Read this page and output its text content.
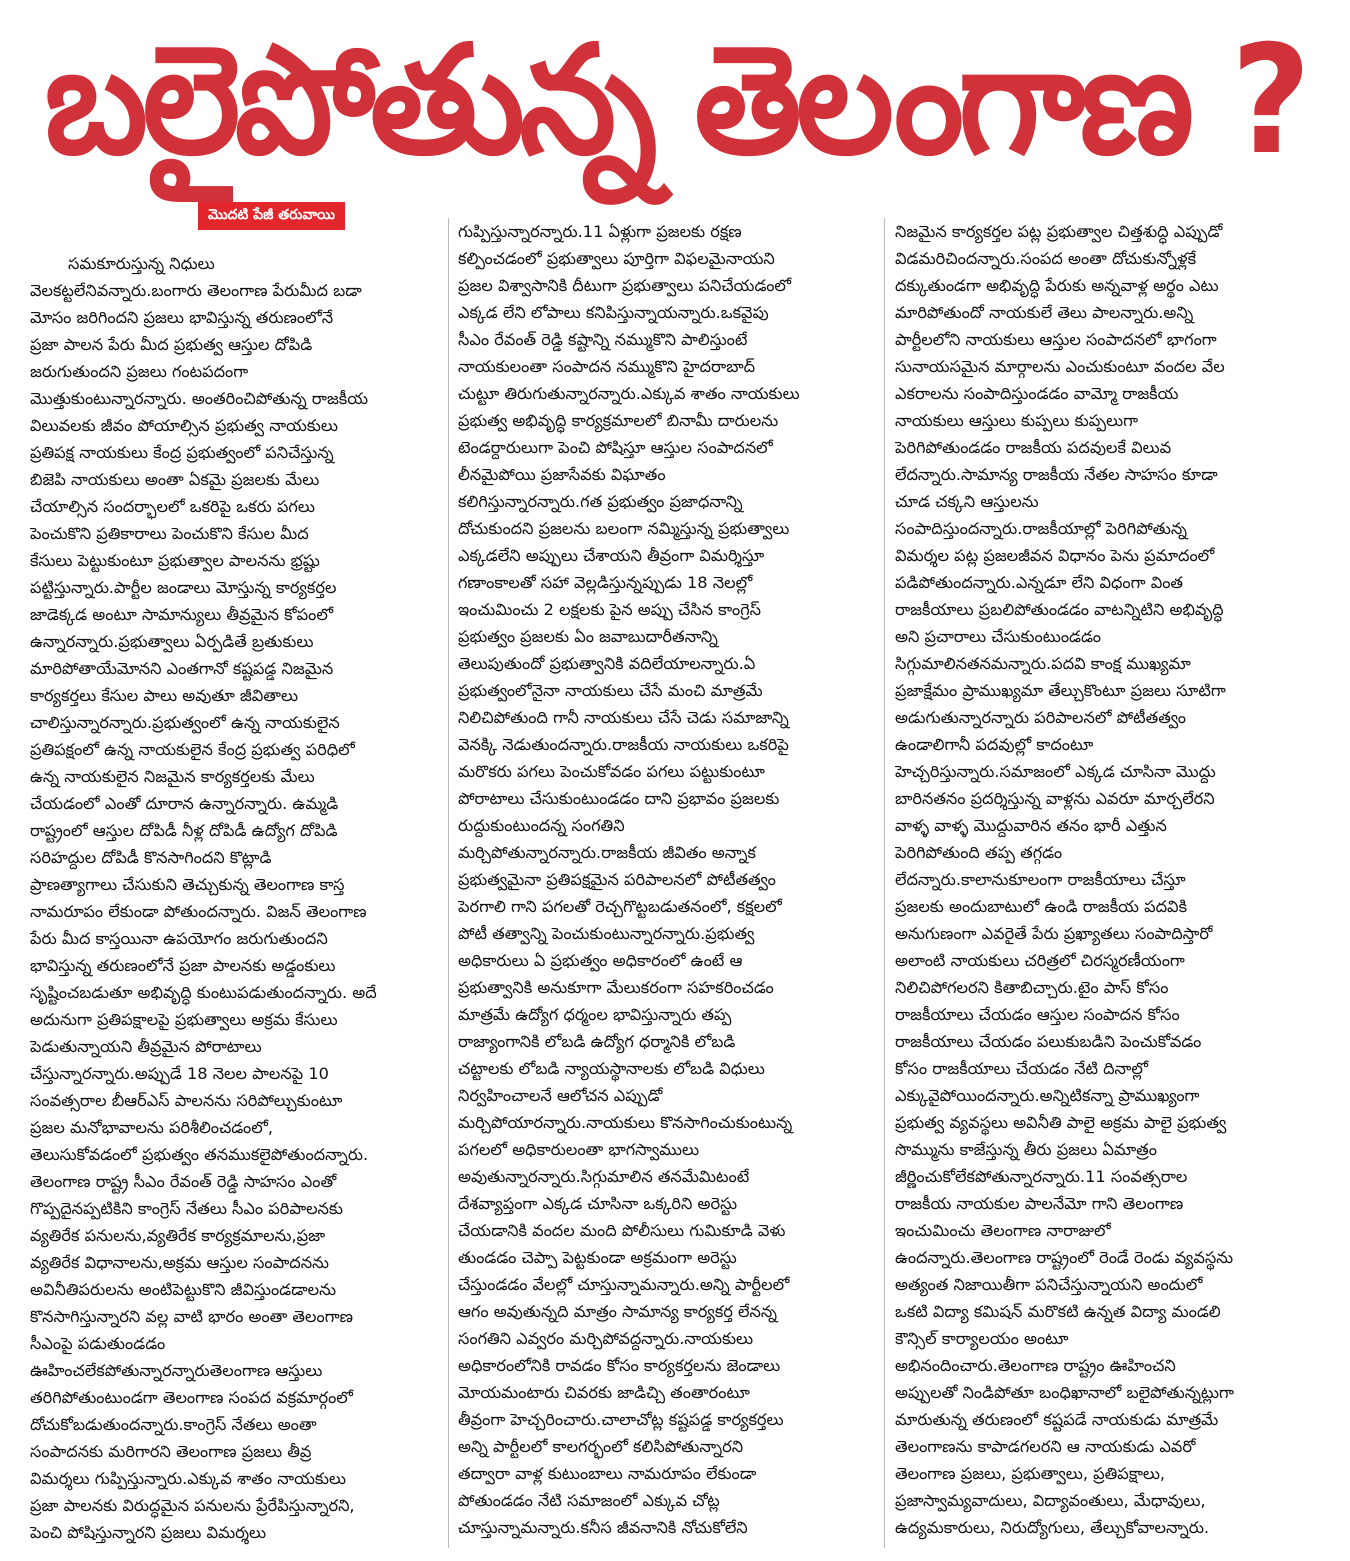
బలైపోతున్న తెలంగాణ ?
మొదటి పేజీ తరువాయి

సమకూరుస్తున్న నిధులు

వెలకట్టలేనివన్నారు.బంగారు తెలంగాణ పేరుమీద బడా

మోసం జరిగిందని ప్రజలు భావిస్తున్న తరుణంలోనే

ప్రజా పాలన పేరు మీద ప్రభుత్వ ఆస్తుల దోపిడి

జరుగుతుందని ప్రజలు గంటపదంగా

మొత్తుకుంటున్నారన్నారు. అంతరించిపోతున్న రాజకీయ

విలువలకు జీవం పోయాల్సిన ప్రభుత్వ నాయకులు

ప్రతిపక్ష నాయకులు కేంద్ర ప్రభుత్వంలో పనిచేస్తున్న

బిజెపి నాయకులు అంతా ఏకమై ప్రజలకు మేలు

చేయాల్సిన సందర్భాలలో ఒకరిపై ఒకరు పగలు

పెంచుకొని ప్రతికారాలు పెంచుకొని కేసుల మీద

కేసులు పెట్టుకుంటూ ప్రభుత్వాల పాలనను భ్రష్టు

పట్టిస్తున్నారు.పార్టీల జండాలు మోస్తున్న కార్యకర్తల

జాడెక్కడ అంటూ సామాన్యులు తీవ్రమైన కోపంలో

ఉన్నారన్నారు.ప్రభుత్వాలు ఏర్పడితే బ్రతుకులు

మారిపోతాయేమోనని ఎంతగానో కష్టపడ్డ నిజమైన

కార్యకర్తలు కేసుల పాలు అవుతూ జీవితాలు

చాలిస్తున్నారన్నారు.ప్రభుత్వంలో ఉన్న నాయకులైన

ప్రతిపక్షంలో ఉన్న నాయకులైన కేంద్ర ప్రభుత్వ పరిధిలో

ఉన్న నాయకులైన నిజమైన కార్యకర్తలకు మేలు

చేయడంలో ఎంతో దూరాన ఉన్నారన్నారు. ఉమ్మడి

రాష్ట్రంలో ఆస్తుల దోపిడీ నీళ్ల దోపిడీ ఉద్యోగ దోపిడి

సరిహద్దుల దోపిడీ కొనసాగిందని కొట్లాడి

ప్రాణత్యాగాలు చేసుకుని తెచ్చుకున్న తెలంగాణ కాస్త

నామరూపం లేకుండా పోతుందన్నారు. విజన్ తెలంగాణ

పేరు మీద కాస్తయినా ఉపయోగం జరుగుతుందని

భావిస్తున్న తరుణంలోనే ప్రజా పాలనకు అడ్డంకులు

సృష్టించబడుతూ అభివృద్ధి కుంటుపడుతుందన్నారు. అదే

అదునుగా ప్రతిపక్షాలపై ప్రభుత్వాలు అక్రమ కేసులు

పెడుతున్నాయని తీవ్రమైన పోరాటాలు

చేస్తున్నారన్నారు.అప్పుడే 18 నెలల పాలనపై 10

సంవత్సరాల బీఆర్ఎస్ పాలనను సరిపోల్చుకుంటూ

ప్రజల మనోభావాలను పరిశీలించడంలో,

తెలుసుకోవడంలో ప్రభుత్వం తనముకలైపోతుందన్నారు.

తెలంగాణ రాష్ట్ర సీఎం రేవంత్ రెడ్డి సాహసం ఎంతో

గొప్పదైనప్పటికిని కాంగ్రెస్ నేతలు సీఎం పరిపాలనకు

వ్యతిరేక పనులను,వ్యతిరేక కార్యక్రమాలను,ప్రజా

వ్యతిరేక విధానాలను,అక్రమ ఆస్తుల సంపాదనను

అవినీతిపరులను అంటిపెట్టుకొని జీవిస్తుండడాలను

కొనసాగిస్తున్నారని వల్ల వాటి భారం అంతా తెలంగాణ

సీఎంపై పడుతుండడం

ఊహించలేకపోతున్నారన్నారుతెలంగాణ ఆస్తులు

తరిగిపోతుంటుండగా తెలంగాణ సంపద వక్రమార్గంలో

దోచుకోబడుతుందన్నారు.కాంగ్రెస్ నేతలు అంతా

సంపాదనకు మరిగారని తెలంగాణ ప్రజలు తీవ్ర

విమర్శలు గుప్పిస్తున్నారు.ఎక్కువ శాతం నాయకులు

ప్రజా పాలనకు విరుద్ధమైన పనులను ప్రేరేపిస్తున్నారని,

పెంచి పోషిస్తున్నారని ప్రజలు విమర్శలు

గుప్పిస్తున్నారన్నారు.11 ఏళ్లుగా ప్రజలకు రక్షణ

కల్పించడంలో ప్రభుత్వాలు పూర్తిగా విఫలమైనాయని

ప్రజల విశ్వాసానికి దీటుగా ప్రభుత్వాలు పనిచేయడంలో

ఎక్కడ లేని లోపాలు కనిపిస్తున్నాయన్నారు.ఒకవైపు

సీఎం రేవంత్ రెడ్డి కష్టాన్ని నమ్ముకొని పాలిస్తుంటే

నాయకులంతా సంపాదన నమ్ముకొని హైదరాబాద్

చుట్టూ తిరుగుతున్నారన్నారు.ఎక్కువ శాతం నాయకులు

ప్రభుత్వ అభివృద్ధి కార్యక్రమాలలో బినామీ దారులను

టెండర్దారులుగా పెంచి పోషిస్తూ ఆస్తుల సంపాదనలో

లీనమైపోయి ప్రజాసేవకు విఘాతం

కలిగిస్తున్నారన్నారు.గత ప్రభుత్వం ప్రజాధనాన్ని

దోచుకుందని ప్రజలను బలంగా నమ్మిస్తున్న ప్రభుత్వాలు

ఎక్కడలేని అప్పులు చేశాయని తీవ్రంగా విమర్శిస్తూ

గణాంకాలతో సహా వెల్లడిస్తున్నప్పుడు 18 నెలల్లో

ఇంచుమించు 2 లక్షలకు పైన అప్పు చేసిన కాంగ్రెస్

ప్రభుత్వం ప్రజలకు ఏం జవాబుదారీతనాన్ని

తెలుపుతుందో ప్రభుత్వానికి వదిలేయాలన్నారు.ఏ

ప్రభుత్వంలోనైనా నాయకులు చేసే మంచి మాత్రమే

నిలిచిపోతుంది గానీ నాయకులు చేసే చెడు సమాజాన్ని

వెనక్కి నెడుతుందన్నారు.రాజకీయ నాయకులు ఒకరిపై

మరొకరు పగలు పెంచుకోవడం పగలు పట్టుకుంటూ

పోరాటాలు చేసుకుంటుండడం దాని ప్రభావం ప్రజలకు

రుద్దుకుంటుందన్న సంగతిని

మర్చిపోతున్నారన్నారు.రాజకీయ జీవితం అన్నాక

ప్రభుత్వమైనా ప్రతిపక్షమైన పరిపాలనలో పోటీతత్వం

పెరగాలి గాని పగలతో రెచ్చగొట్టబడుతనంలో, కక్షలలో

పోటీ తత్వాన్ని పెంచుకుంటున్నారన్నారు.ప్రభుత్వ

అధికారులు ఏ ప్రభుత్వం అధికారంలో ఉంటే ఆ

ప్రభుత్వానికి అనుకూగా మేలుకరంగా సహకరించడం

మాత్రమే ఉద్యోగ ధర్మంల భావిస్తున్నారు తప్ప

రాజ్యాంగానికి లోబడి ఉద్యోగ ధర్మానికి లోబడి

చట్టాలకు లోబడి న్యాయస్థానాలకు లోబడి విధులు

నిర్వహించాలనే ఆలోచన ఎప్పుడో

మర్చిపోయారన్నారు.నాయకులు కొనసాగించుకుంటున్న

పగలలో అధికారులంతా భాగస్వాములు

అవుతున్నారన్నారు.సిగ్గుమాలిన తనమేమిటంటే

దేశవ్యాప్తంగా ఎక్కడ చూసినా ఒక్కరిని అరెస్టు

చేయడానికి వందల మంది పోలీసులు గుమికూడి వెళు

తుండడం చెప్పా పెట్టకుండా అక్రమంగా అరెస్టు

చేస్తుండడం వేలల్లో చూస్తున్నామన్నారు.అన్ని పార్టీలలో

ఆగం అవుతున్నది మాత్రం సామాన్య కార్యకర్త లేనన్న

సంగతిని ఎవ్వరం మర్చిపోవద్దన్నారు.నాయకులు

అధికారంలోనికి రావడం కోసం కార్యకర్తలను జెండాలు

మోయమంటారు చివరకు జాడిచ్చి తంతారంటూ

తీవ్రంగా హెచ్చరించారు.చాలాచోట్ల కష్టపడ్డ కార్యకర్తలు

అన్ని పార్టీలలో కాలగర్భంలో కలిసిపోతున్నారని

తద్వారా వాళ్ల కుటుంబాలు నామరూపం లేకుండా

పోతుండడం నేటి సమాజంలో ఎక్కువ చోట్ల

చూస్తున్నామన్నారు.కనీస జీవనానికి నోచుకోలేని

నిజమైన కార్యకర్తల పట్ల ప్రభుత్వాల చిత్తశుద్ధి ఎప్పుడో

విడమరిచిందన్నారు.సంపద అంతా దోచుకున్నోళ్లకే

దక్కుతుండగా అభివృద్ధి పేరుకు అన్నవాళ్ల అర్థం ఎటు

మారిపోతుందో నాయకులే తెలు పాలన్నారు.అన్ని

పార్టీలలోని నాయకులు ఆస్తుల సంపాదనలో భాగంగా

సునాయసమైన మార్గాలను ఎంచుకుంటూ వందల వేల

ఎకరాలను సంపాదిస్తుండడం వామ్మో రాజకీయ

నాయకులు ఆస్తులు కుప్పలు కుప్పలుగా

పెరిగిపోతుండడం రాజకీయ పదవులకే విలువ

లేదన్నారు.సామాన్య రాజకీయ నేతల సాహసం కూడా

చూడ చక్కని ఆస్తులను

సంపాదిస్తుందన్నారు.రాజకీయాల్లో పెరిగిపోతున్న

విమర్శల పట్ల ప్రజలజీవన విధానం పెను ప్రమాదంలో

పడిపోతుందన్నారు.ఎన్నడూ లేని విధంగా వింత

రాజకీయాలు ప్రబలిపోతుండడం వాటన్నిటిని అభివృద్ధి

అని ప్రచారాలు చేసుకుంటుండడం

సిగ్గుమాలినతనమన్నారు.పదవి కాంక్ష ముఖ్యమా

ప్రజాక్షేమం ప్రాముఖ్యమా తేల్చుకొంటూ ప్రజలు సూటిగా

అడుగుతున్నారన్నారు పరిపాలనలో పోటీతత్వం

ఉండాలిగానీ పదవుల్లో కాదంటూ

హెచ్చరిస్తున్నారు.సమాజంలో ఎక్కడ చూసినా మొద్దు

బారినతనం ప్రదర్శిస్తున్న వాళ్లను ఎవరూ మార్చలేరని

వాళ్ళ వాళ్ళ మొద్దువారిన తనం భారీ ఎత్తున

పెరిగిపోతుంది తప్ప తగ్గడం

లేదన్నారు.కాలానుకూలంగా రాజకీయాలు చేస్తూ

ప్రజలకు అందుబాటులో ఉండి రాజకీయ పదవికి

అనుగుణంగా ఎవరైతే పేరు ప్రఖ్యాతలు సంపాదిస్తారో

అలాంటి నాయకులు చరిత్రలో చిరస్మరణీయంగా

నిలిచిపోగలరని కితాబిచ్చారు.టైం పాస్ కోసం

రాజకీయాలు చేయడం ఆస్తుల సంపాదన కోసం

రాజకీయాలు చేయడం పలుకుబడిని పెంచుకోవడం

కోసం రాజకీయాలు చేయడం నేటి దినాల్లో

ఎక్కువైపోయిందన్నారు.అన్నిటికన్నా ప్రాముఖ్యంగా

ప్రభుత్వ వ్యవస్థలు అవినీతి పాలై అక్రమ పాలై ప్రభుత్వ

సొమ్మును కాజేస్తున్న తీరు ప్రజలు ఏమాత్రం

జీర్ణించుకోలేకపోతున్నారన్నారు.11 సంవత్సరాల

రాజకీయ నాయకుల పాలనేమో గాని తెలంగాణ

ఇంచుమించు తెలంగాణ నారాజులో

ఉందన్నారు.తెలంగాణ రాష్ట్రంలో రెండే రెండు వ్యవస్థను

అత్యంత నిజాయితీగా పనిచేస్తున్నాయని అందులో

ఒకటి విద్యా కమిషన్ మరొకటి ఉన్నత విద్యా మండలి

కౌన్సిల్ కార్యాలయం అంటూ

అభినందించారు.తెలంగాణ రాష్ట్రం ఊహించని

అప్పులతో నిండిపోతూ బంధిఖానాలో బలైపోతున్నట్లుగా

మారుతున్న తరుణంలో కష్టపడే నాయకుడు మాత్రమే

తెలంగాణను కాపాడగలరని ఆ నాయకుడు ఎవరో

తెలంగాణ ప్రజలు, ప్రభుత్వాలు, ప్రతిపక్షాలు,

ప్రజాస్వామ్యవాదులు, విద్యావంతులు, మేధావులు,

ఉద్యమకారులు, నిరుద్యోగులు, తేల్చుకోవాలన్నారు.
